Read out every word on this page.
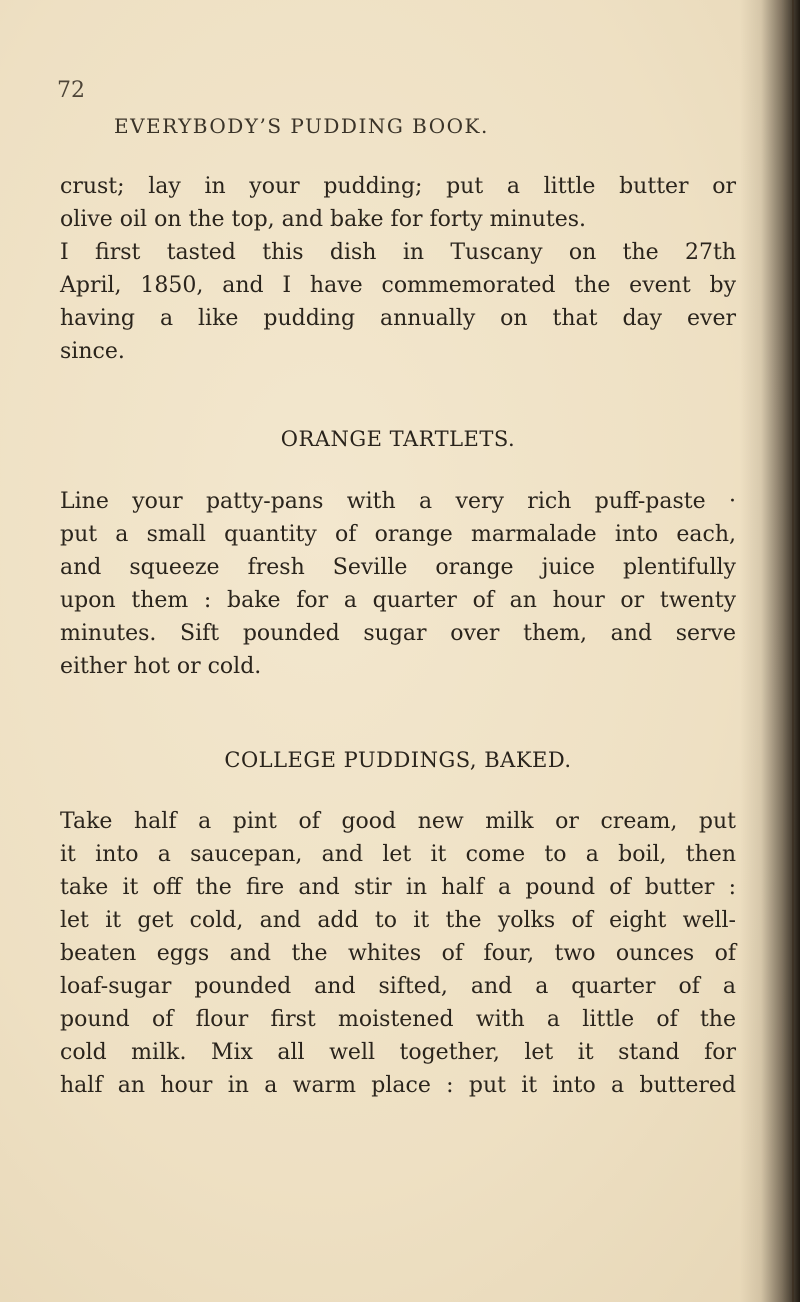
72

EVERYBODY’S PUDDING BOOK.

crust; lay in your pudding; put a little butter or
olive oil on the top, and bake for forty minutes.
I first tasted this dish in Tuscany on the 27th
April, 1850, and I have commemorated the event by
having a like pudding annually on that day ever
since.

ORANGE TARTLETS.

Line your patty-pans with a very rich puff-paste ·
put a small quantity of orange marmalade into each,
and squeeze fresh Seville orange juice plentifully
upon them : bake for a quarter of an hour or twenty
minutes. Sift pounded sugar over them, and serve
either hot or cold.

COLLEGE PUDDINGS, BAKED.

Take half a pint of good new milk or cream, put
it into a saucepan, and let it come to a boil, then
take it off the fire and stir in half a pound of butter :
let it get cold, and add to it the yolks of eight well-
beaten eggs and the whites of four, two ounces of
loaf-sugar pounded and sifted, and a quarter of a
pound of flour first moistened with a little of the
cold milk. Mix all well together, let it stand for
half an hour in a warm place : put it into a buttered
